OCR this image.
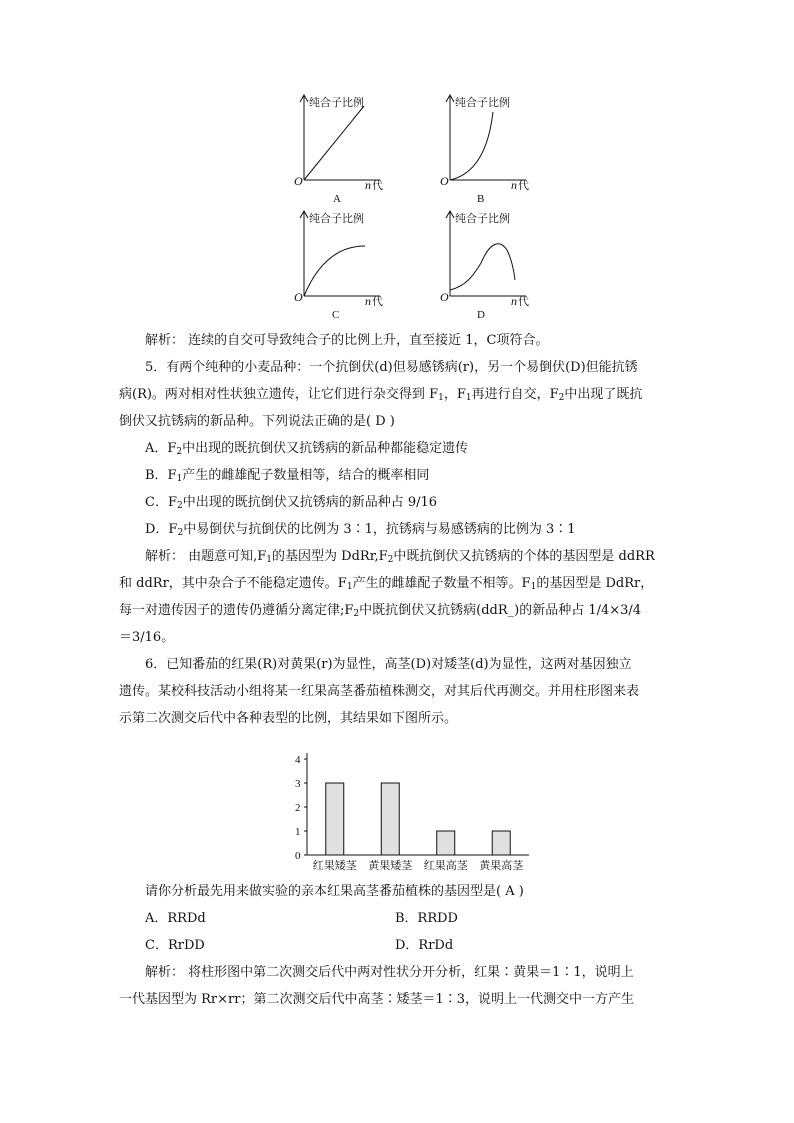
纯合子比例
O	n 代
A
纯合子比例
O	n 代
B
纯合子比例
O	n 代
C
纯合子比例
O	n 代
D
解析： 连续的自交可导致纯合子的比例上升，直至接近 1，C项符合。
5．有两个纯种的小麦品种：一个抗倒伏(d)但易感锈病(r)，另一个易倒伏(D)但能抗锈
病(R)。两对相对性状独立遗传，让它们进行杂交得到 $F_1$，$F_1$再进行自交，$F_2$中出现了既抗
倒伏又抗锈病的新品种。下列说法正确的是( D )
A．$F_2$中出现的既抗倒伏又抗锈病的新品种都能稳定遗传
B．$F_1$产生的雌雄配子数量相等，结合的概率相同
C．$F_2$中出现的既抗倒伏又抗锈病的新品种占 9/16
D．$F_2$中易倒伏与抗倒伏的比例为 3∶1，抗锈病与易感锈病的比例为 3∶1
解析： 由题意可知$,F_1$的基因型为 $DdRr,F_2$中既抗倒伏又抗锈病的个体的基因型是 ddRR
和 ddRr，其中杂合子不能稳定遗传。$F_1$产生的雌雄配子数量不相等。$F_1$的基因型是 DdRr，
每一对遗传因子的遗传仍遵循分离定律$;F_2$中既抗倒伏又抗锈病(ddR_)的新品种占 1/4×3/4
＝3/16。
6．已知番茄的红果(R)对黄果(r)为显性，高茎(D)对矮茎(d)为显性，这两对基因独立
遗传。某校科技活动小组将某一红果高茎番茄植株测交，对其后代再测交。并用柱形图来表
示第二次测交后代中各种表型的比例，其结果如下图所示。
0
1
2
3
4
红果矮茎 黄果矮茎 红果高茎 黄果高茎
请你分析最先用来做实验的亲本红果高茎番茄植株的基因型是( A )
A．RRDd	B．RRDD
C．RrDD	D．RrDd
解析： 将柱形图中第二次测交后代中两对性状分开分析，红果∶黄果＝1∶1，说明上
一代基因型为 Rr×rr；第二次测交后代中高茎∶矮茎＝1∶3，说明上一代测交中一方产生
